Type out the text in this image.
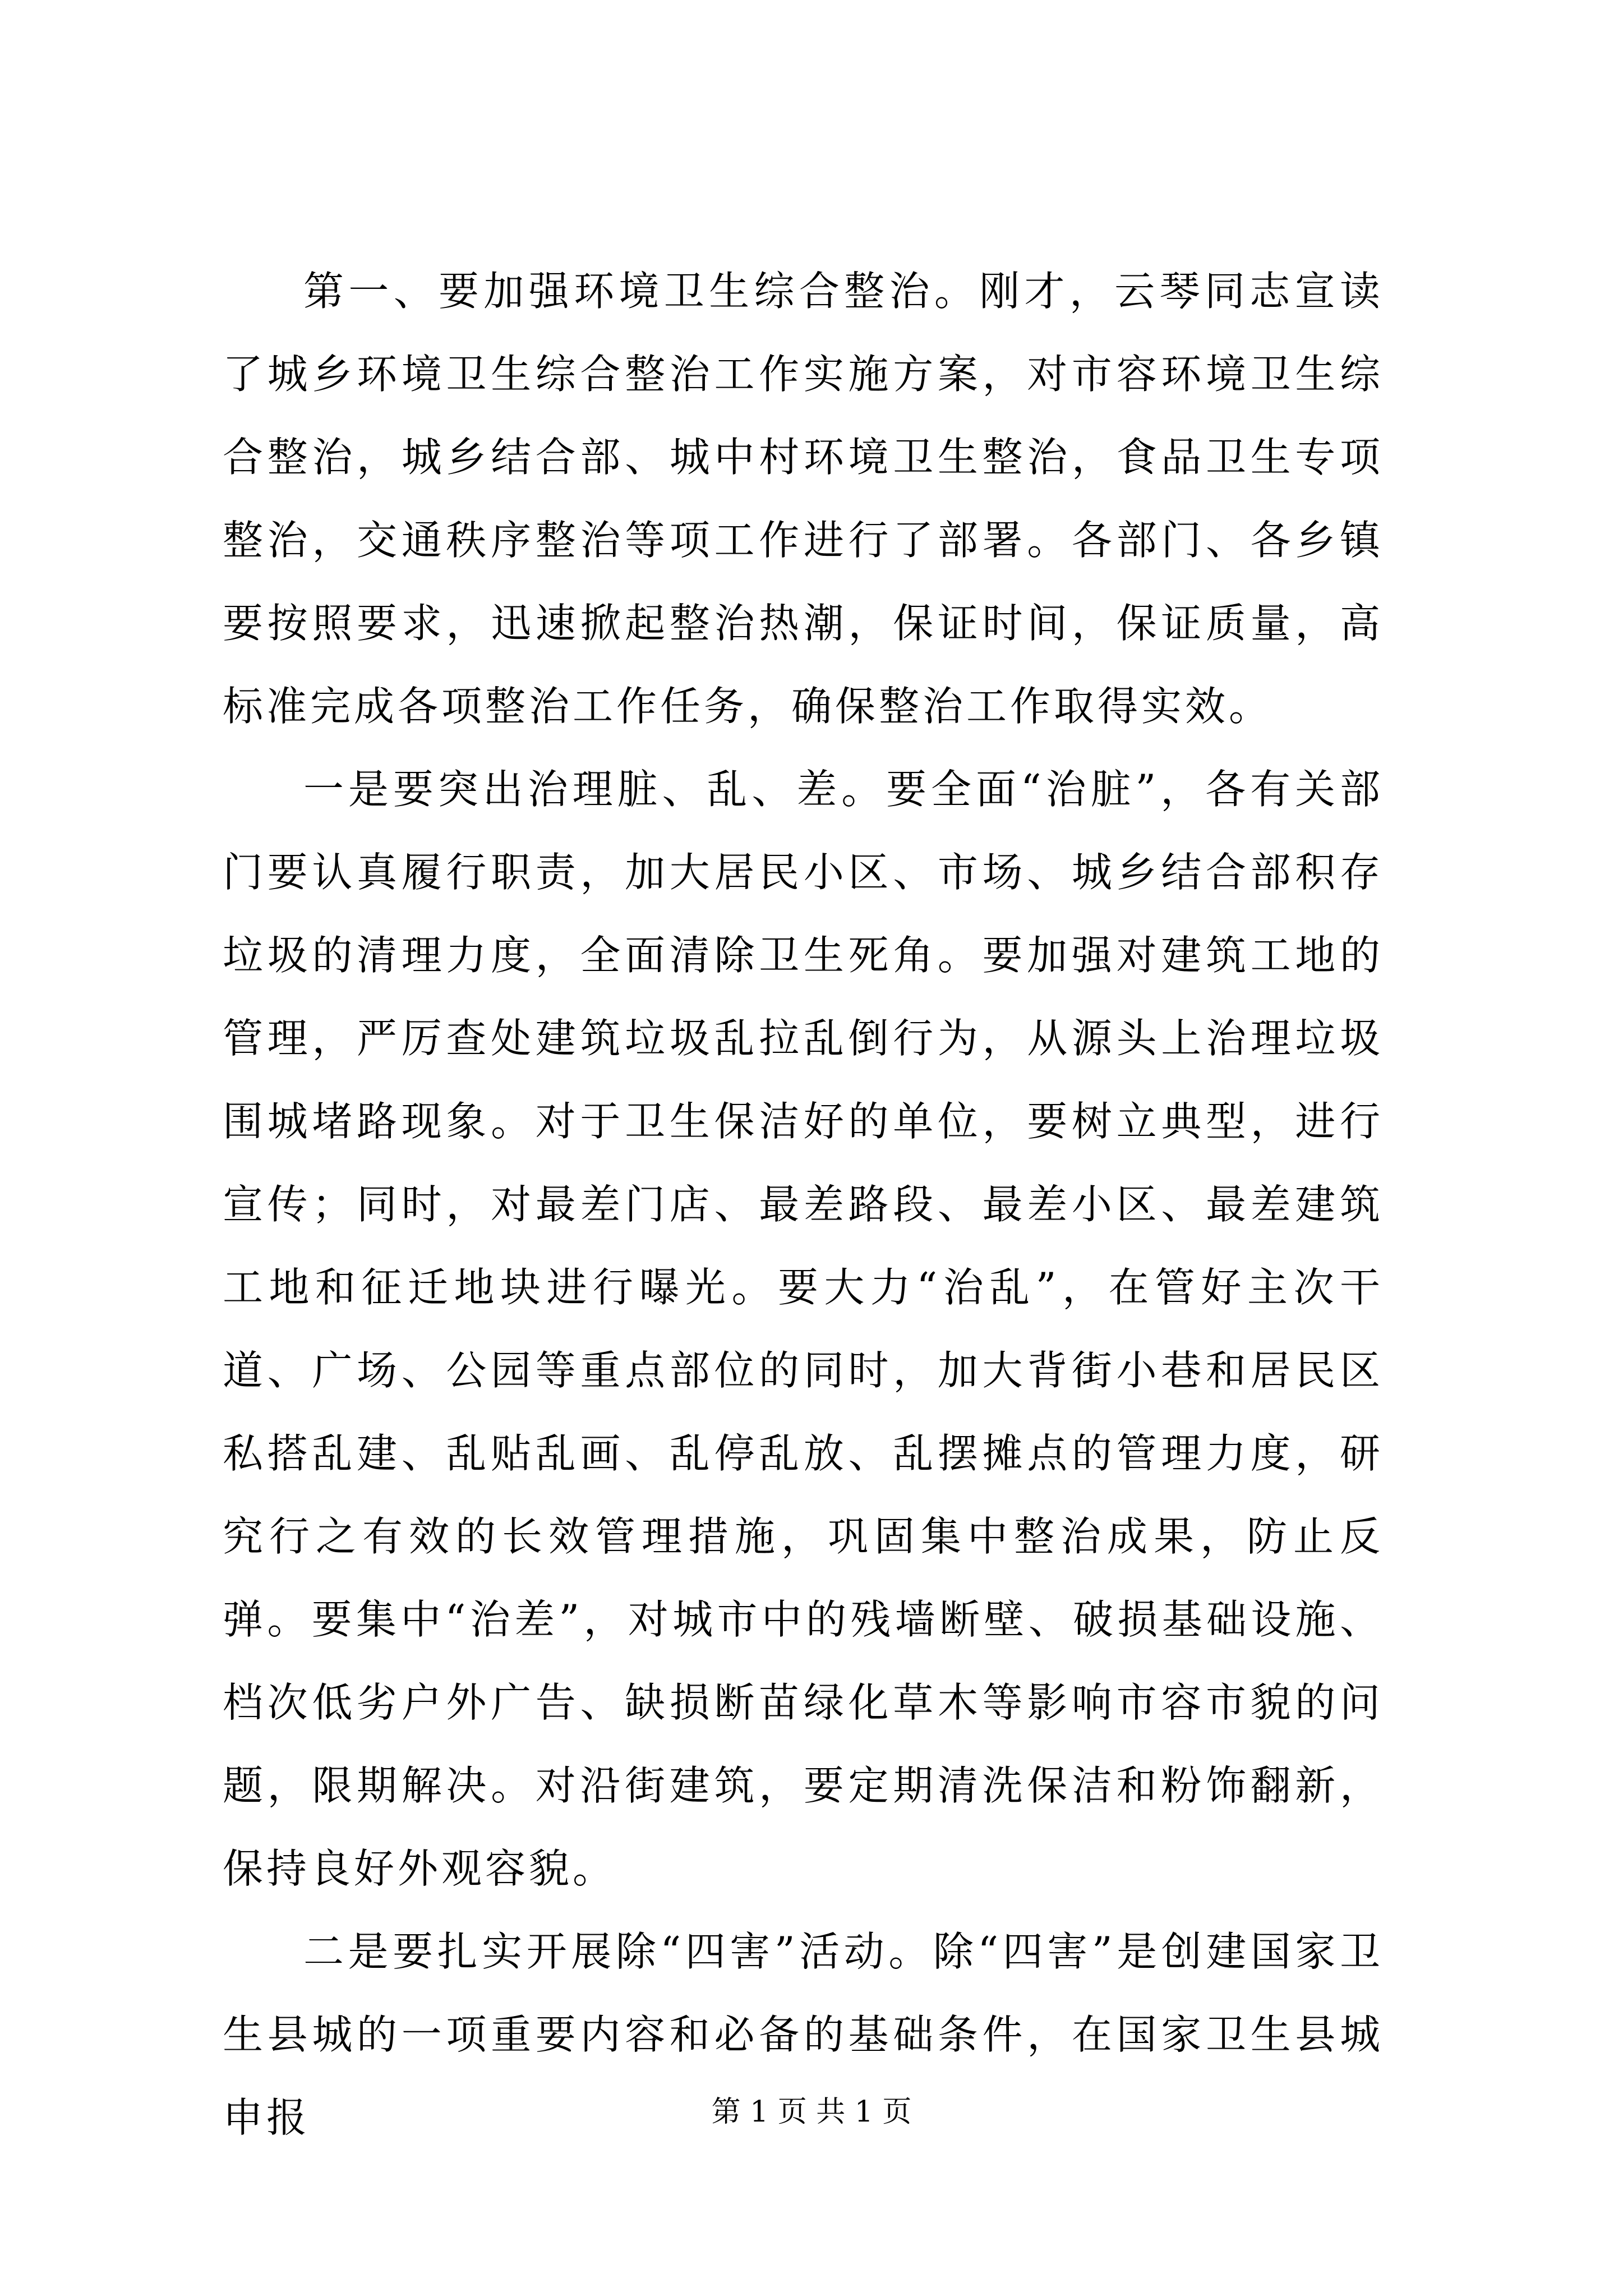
第一、要加强环境卫生综合整治。刚才，云琴同志宣读了城乡环境卫生综合整治工作实施方案，对市容环境卫生综合整治，城乡结合部、城中村环境卫生整治，食品卫生专项整治，交通秩序整治等项工作进行了部署。各部门、各乡镇要按照要求，迅速掀起整治热潮，保证时间，保证质量，高标准完成各项整治工作任务，确保整治工作取得实效。

一是要突出治理脏、乱、差。要全面“治脏”，各有关部门要认真履行职责，加大居民小区、市场、城乡结合部积存垃圾的清理力度，全面清除卫生死角。要加强对建筑工地的管理，严厉查处建筑垃圾乱拉乱倒行为，从源头上治理垃圾围城堵路现象。对于卫生保洁好的单位，要树立典型，进行宣传；同时，对最差门店、最差路段、最差小区、最差建筑工地和征迁地块进行曝光。要大力“治乱”，在管好主次干道、广场、公园等重点部位的同时，加大背街小巷和居民区私搭乱建、乱贴乱画、乱停乱放、乱摆摊点的管理力度，研究行之有效的长效管理措施，巩固集中整治成果，防止反弹。要集中“治差”，对城市中的残墙断壁、破损基础设施、档次低劣户外广告、缺损断苗绿化草木等影响市容市貌的问题，限期解决。对沿街建筑，要定期清洗保洁和粉饰翻新，保持良好外观容貌。

二是要扎实开展除“四害”活动。除“四害”是创建国家卫生县城的一项重要内容和必备的基础条件，在国家卫生县城申报	第 1 页 共 1 页
